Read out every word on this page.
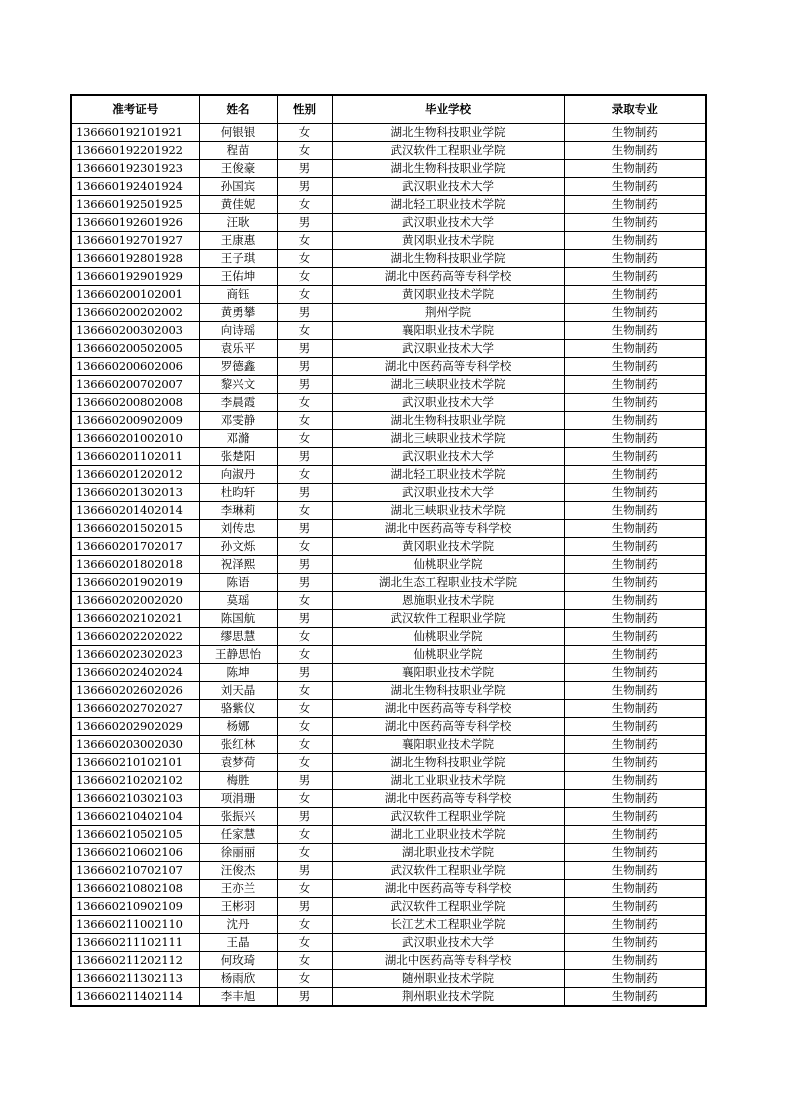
准考证号	姓名	性别	毕业学校	录取专业
136660192101921	何银银	女	湖北生物科技职业学院	生物制药
136660192201922	程苗	女	武汉软件工程职业学院	生物制药
136660192301923	王俊豪	男	湖北生物科技职业学院	生物制药
136660192401924	孙国宾	男	武汉职业技术大学	生物制药
136660192501925	黄佳妮	女	湖北轻工职业技术学院	生物制药
136660192601926	汪耿	男	武汉职业技术大学	生物制药
136660192701927	王康惠	女	黄冈职业技术学院	生物制药
136660192801928	王子琪	女	湖北生物科技职业学院	生物制药
136660192901929	王佑坤	女	湖北中医药高等专科学校	生物制药
136660200102001	商钰	女	黄冈职业技术学院	生物制药
136660200202002	黄勇攀	男	荆州学院	生物制药
136660200302003	向诗瑶	女	襄阳职业技术学院	生物制药
136660200502005	袁乐平	男	武汉职业技术大学	生物制药
136660200602006	罗德鑫	男	湖北中医药高等专科学校	生物制药
136660200702007	黎兴文	男	湖北三峡职业技术学院	生物制药
136660200802008	李晨霞	女	武汉职业技术大学	生物制药
136660200902009	邓雯静	女	湖北生物科技职业学院	生物制药
136660201002010	邓滫	女	湖北三峡职业技术学院	生物制药
136660201102011	张楚阳	男	武汉职业技术大学	生物制药
136660201202012	向淑丹	女	湖北轻工职业技术学院	生物制药
136660201302013	杜昀轩	男	武汉职业技术大学	生物制药
136660201402014	李琳莉	女	湖北三峡职业技术学院	生物制药
136660201502015	刘传忠	男	湖北中医药高等专科学校	生物制药
136660201702017	孙文烁	女	黄冈职业技术学院	生物制药
136660201802018	祝泽熙	男	仙桃职业学院	生物制药
136660201902019	陈语	男	湖北生态工程职业技术学院	生物制药
136660202002020	莫瑶	女	恩施职业技术学院	生物制药
136660202102021	陈国航	男	武汉软件工程职业学院	生物制药
136660202202022	缪思慧	女	仙桃职业学院	生物制药
136660202302023	王静思怡	女	仙桃职业学院	生物制药
136660202402024	陈坤	男	襄阳职业技术学院	生物制药
136660202602026	刘天晶	女	湖北生物科技职业学院	生物制药
136660202702027	骆紫仪	女	湖北中医药高等专科学校	生物制药
136660202902029	杨娜	女	湖北中医药高等专科学校	生物制药
136660203002030	张红林	女	襄阳职业技术学院	生物制药
136660210102101	袁梦荷	女	湖北生物科技职业学院	生物制药
136660210202102	梅胜	男	湖北工业职业技术学院	生物制药
136660210302103	项涓珊	女	湖北中医药高等专科学校	生物制药
136660210402104	张振兴	男	武汉软件工程职业学院	生物制药
136660210502105	任家慧	女	湖北工业职业技术学院	生物制药
136660210602106	徐丽丽	女	湖北职业技术学院	生物制药
136660210702107	汪俊杰	男	武汉软件工程职业学院	生物制药
136660210802108	王亦兰	女	湖北中医药高等专科学校	生物制药
136660210902109	王彬羽	男	武汉软件工程职业学院	生物制药
136660211002110	沈丹	女	长江艺术工程职业学院	生物制药
136660211102111	王晶	女	武汉职业技术大学	生物制药
136660211202112	何玫琦	女	湖北中医药高等专科学校	生物制药
136660211302113	杨雨欣	女	随州职业技术学院	生物制药
136660211402114	李丰旭	男	荆州职业技术学院	生物制药
